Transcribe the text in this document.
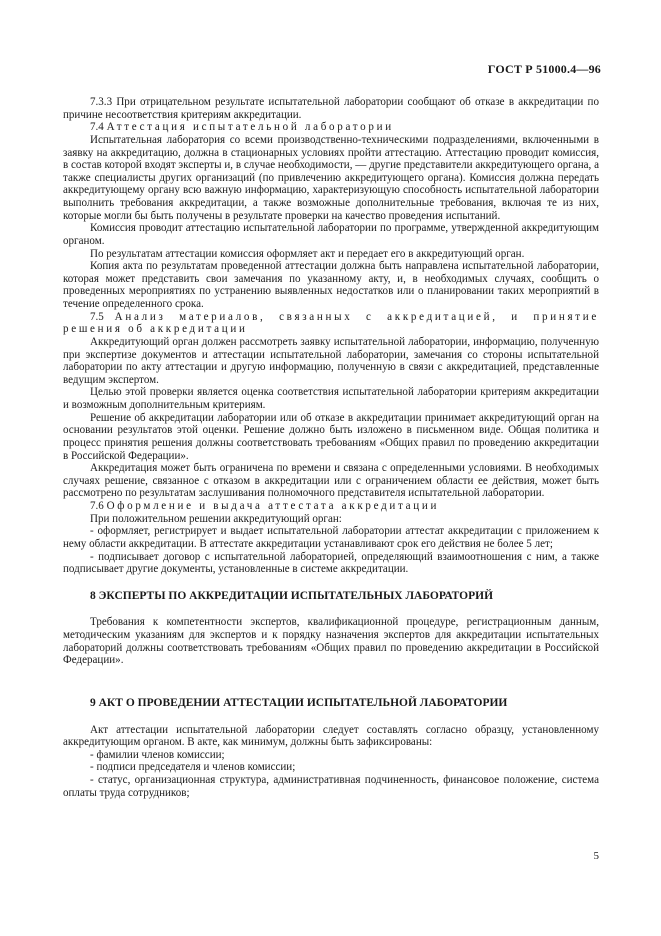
ГОСТ Р 51000.4—96

7.3.3 При отрицательном результате испытательной лаборатории сообщают об отказе в аккредитации по причине несоответствия критериям аккредитации.

7.4 Аттестация испытательной лаборатории

Испытательная лаборатория со всеми производственно-техническими подразделениями, включенными в заявку на аккредитацию, должна в стационарных условиях пройти аттестацию. Аттестацию проводит комиссия, в состав которой входят эксперты и, в случае необходимости, — другие представители аккредитующего органа, а также специалисты других организаций (по привлечению аккредитующего органа). Комиссия должна передать аккредитующему органу всю важную информацию, характеризующую способность испытательной лаборатории выполнить требования аккредитации, а также возможные дополнительные требования, включая те из них, которые могли бы быть получены в результате проверки на качество проведения испытаний.

Комиссия проводит аттестацию испытательной лаборатории по программе, утвержденной аккредитующим органом.

По результатам аттестации комиссия оформляет акт и передает его в аккредитующий орган.

Копия акта по результатам проведенной аттестации должна быть направлена испытательной лаборатории, которая может представить свои замечания по указанному акту, и, в необходимых случаях, сообщить о проведенных мероприятиях по устранению выявленных недостатков или о планировании таких мероприятий в течение определенного срока.

7.5 Анализ материалов, связанных с аккредитацией, и принятие решения об аккредитации

Аккредитующий орган должен рассмотреть заявку испытательной лаборатории, информацию, полученную при экспертизе документов и аттестации испытательной лаборатории, замечания со стороны испытательной лаборатории по акту аттестации и другую информацию, полученную в связи с аккредитацией, представленные ведущим экспертом.

Целью этой проверки является оценка соответствия испытательной лаборатории критериям аккредитации и возможным дополнительным критериям.

Решение об аккредитации лаборатории или об отказе в аккредитации принимает аккредитующий орган на основании результатов этой оценки. Решение должно быть изложено в письменном виде. Общая политика и процесс принятия решения должны соответствовать требованиям «Общих правил по проведению аккредитации в Российской Федерации».

Аккредитация может быть ограничена по времени и связана с определенными условиями. В необходимых случаях решение, связанное с отказом в аккредитации или с ограничением области ее действия, может быть рассмотрено по результатам заслушивания полномочного представителя испытательной лаборатории.

7.6 Оформление и выдача аттестата аккредитации

При положительном решении аккредитующий орган:

- оформляет, регистрирует и выдает испытательной лаборатории аттестат аккредитации с приложением к нему области аккредитации. В аттестате аккредитации устанавливают срок его действия не более 5 лет;

- подписывает договор с испытательной лабораторией, определяющий взаимоотношения с ним, а также подписывает другие документы, установленные в системе аккредитации.

8 ЭКСПЕРТЫ ПО АККРЕДИТАЦИИ ИСПЫТАТЕЛЬНЫХ ЛАБОРАТОРИЙ

Требования к компетентности экспертов, квалификационной процедуре, регистрационным данным, методическим указаниям для экспертов и к порядку назначения экспертов для аккредитации испытательных лабораторий должны соответствовать требованиям «Общих правил по проведению аккредитации в Российской Федерации».

9 АКТ О ПРОВЕДЕНИИ АТТЕСТАЦИИ ИСПЫТАТЕЛЬНОЙ ЛАБОРАТОРИИ

Акт аттестации испытательной лаборатории следует составлять согласно образцу, установленному аккредитующим органом. В акте, как минимум, должны быть зафиксированы:

- фамилии членов комиссии;

- подписи председателя и членов комиссии;

- статус, организационная структура, административная подчиненность, финансовое положение, система оплаты труда сотрудников;

5
